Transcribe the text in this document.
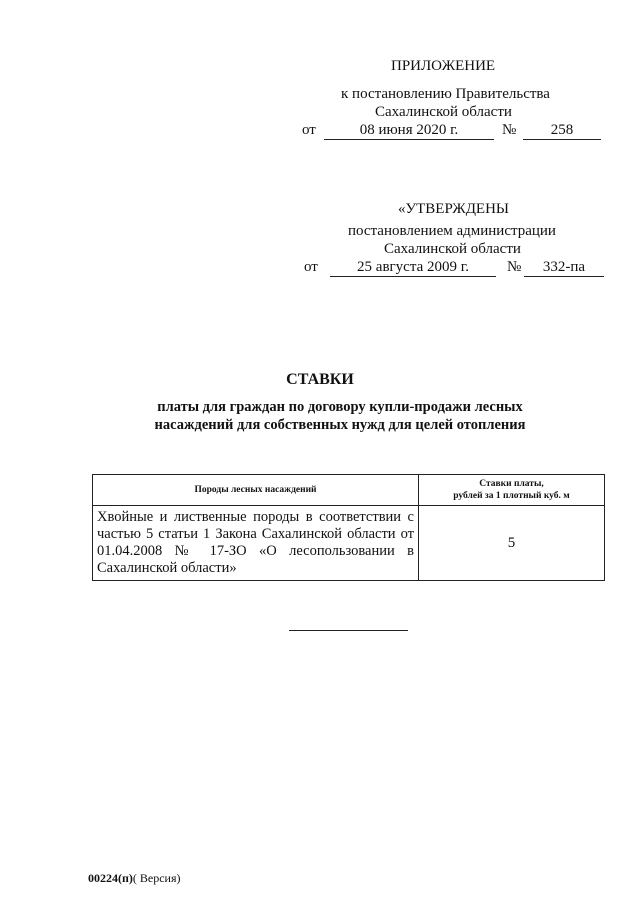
ПРИЛОЖЕНИЕ
к постановлению Правительства
Сахалинской области
от	08 июня 2020 г.	№	258
«УТВЕРЖДЕНЫ
постановлением администрации
Сахалинской области
от	25 августа 2009 г.	№	332-па
СТАВКИ
платы для граждан по договору купли-продажи лесных
насаждений для собственных нужд для целей отопления
Породы лесных насаждений	Ставки платы,
рублей за 1 плотный куб. м

Хвойные и лиственные породы в соответствии с частью 5 статьи 1 Закона Сахалинской области от 01.04.2008 № 17-ЗО «О лесопользовании в Сахалинской области»	5
00224(п)( Версия)
